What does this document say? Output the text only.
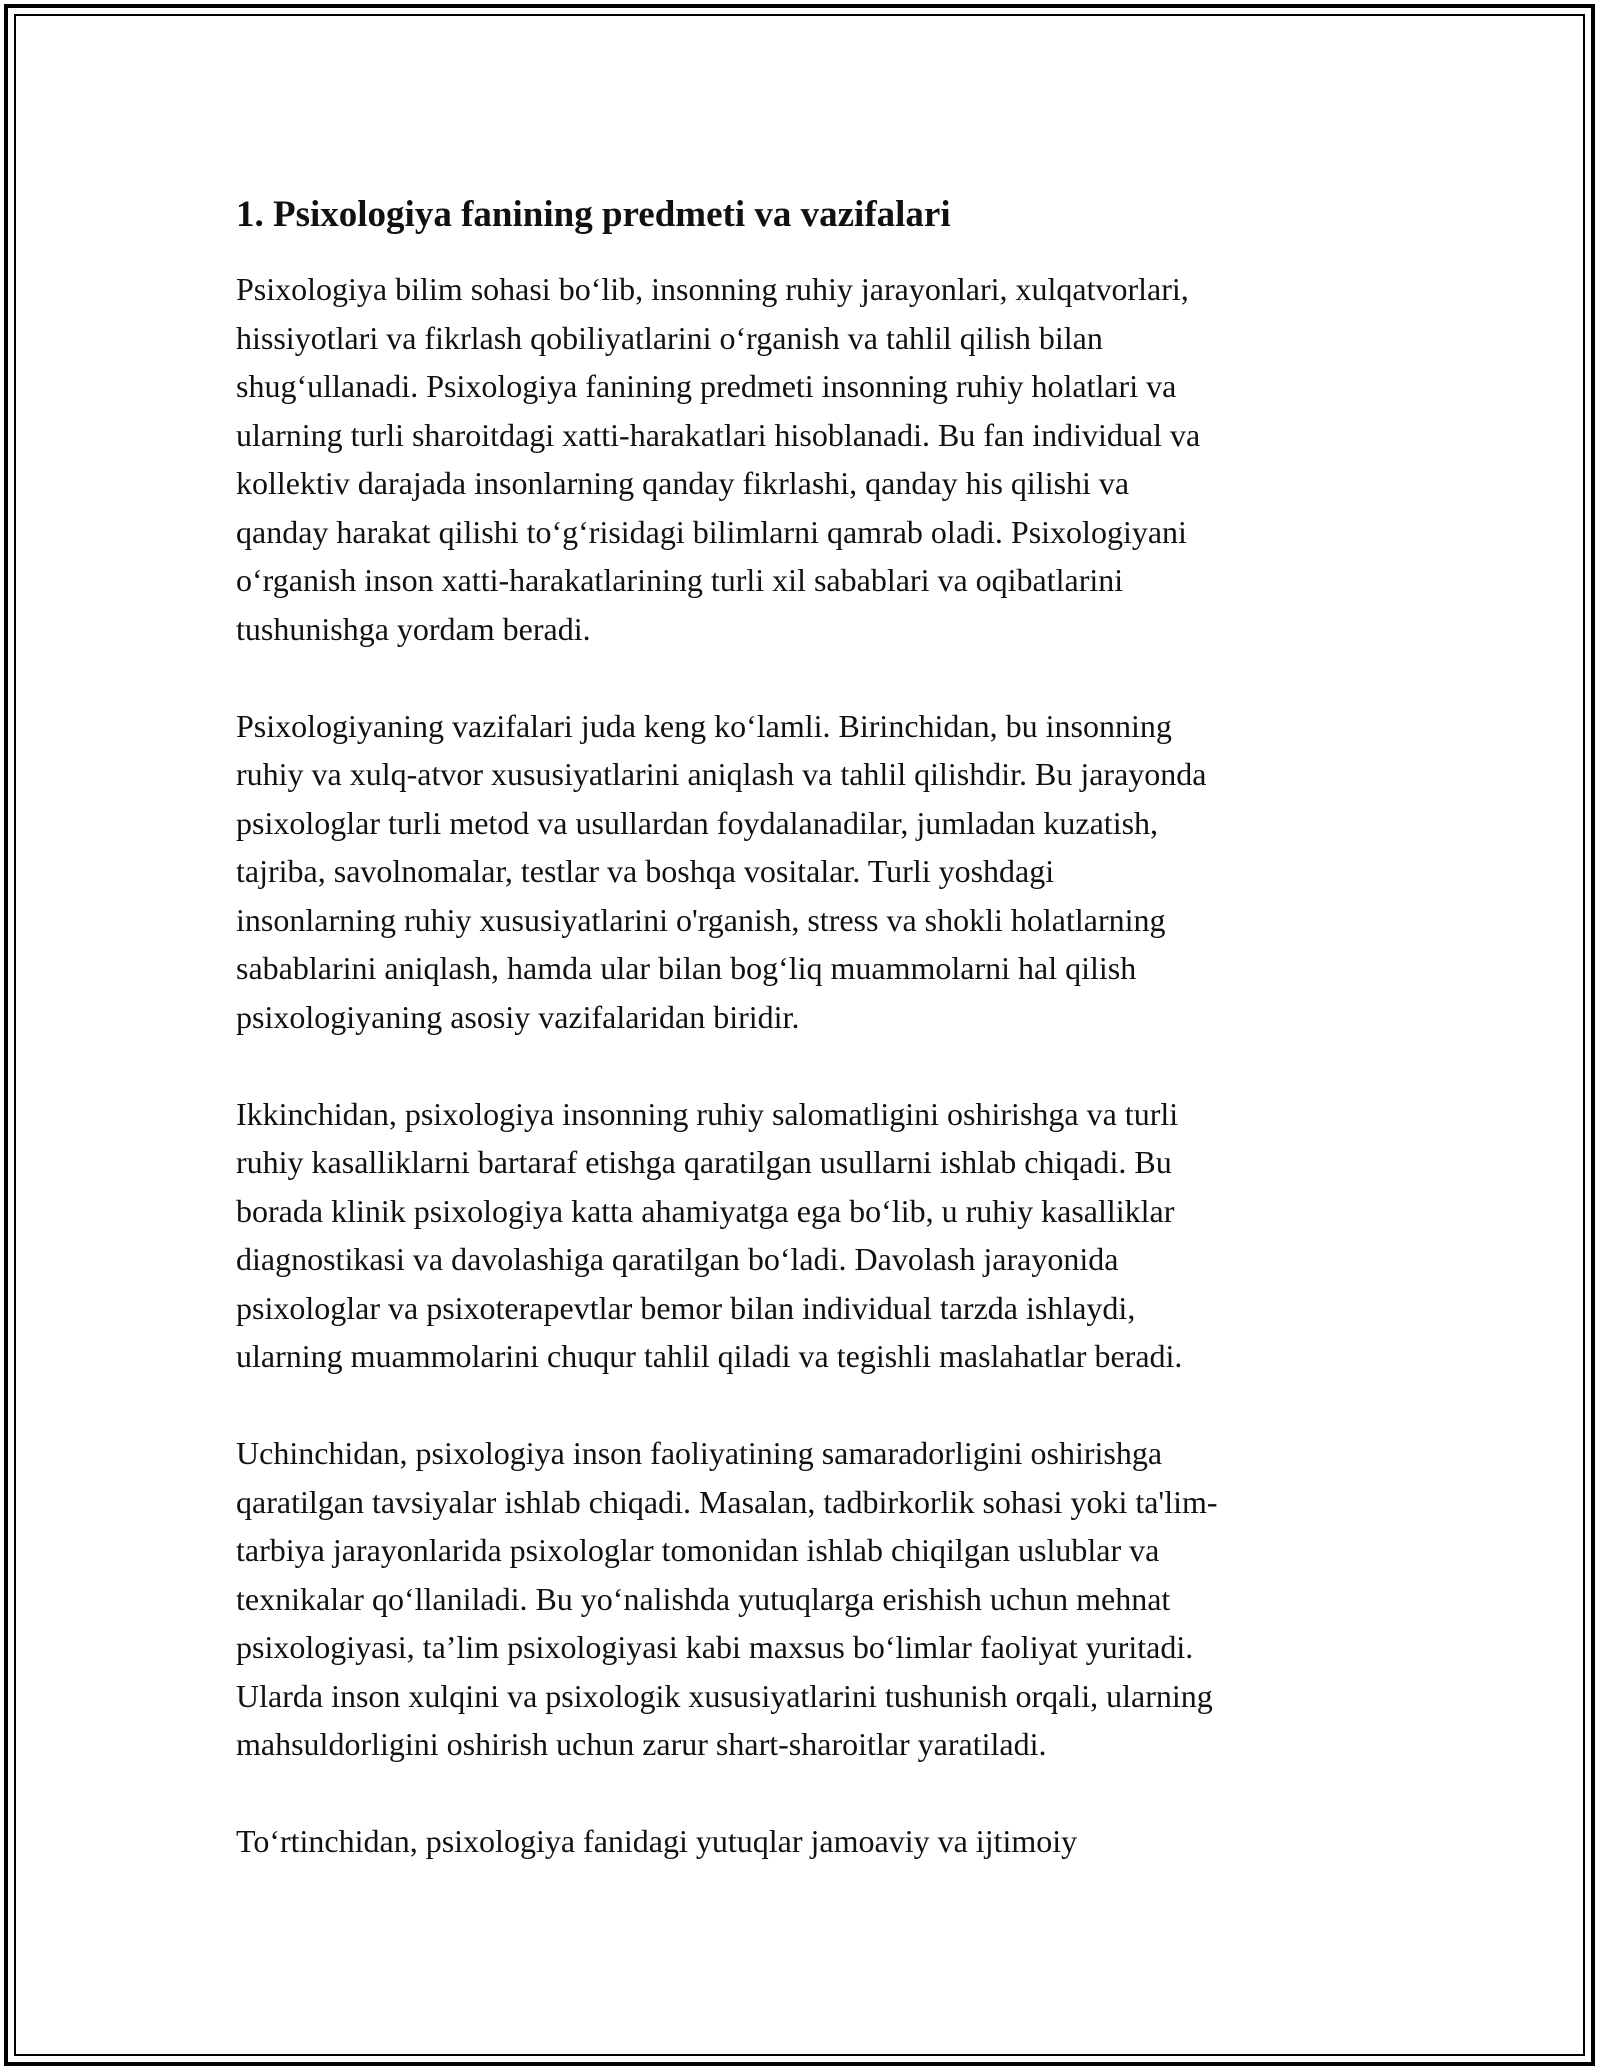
1. Psixologiya fanining predmeti va vazifalari

Psixologiya bilim sohasi bo‘lib, insonning ruhiy jarayonlari, xulqatvorlari,
hissiyotlari va fikrlash qobiliyatlarini o‘rganish va tahlil qilish bilan
shug‘ullanadi. Psixologiya fanining predmeti insonning ruhiy holatlari va
ularning turli sharoitdagi xatti-harakatlari hisoblanadi. Bu fan individual va
kollektiv darajada insonlarning qanday fikrlashi, qanday his qilishi va
qanday harakat qilishi to‘g‘risidagi bilimlarni qamrab oladi. Psixologiyani
o‘rganish inson xatti-harakatlarining turli xil sabablari va oqibatlarini
tushunishga yordam beradi.

Psixologiyaning vazifalari juda keng ko‘lamli. Birinchidan, bu insonning
ruhiy va xulq-atvor xususiyatlarini aniqlash va tahlil qilishdir. Bu jarayonda
psixologlar turli metod va usullardan foydalanadilar, jumladan kuzatish,
tajriba, savolnomalar, testlar va boshqa vositalar. Turli yoshdagi
insonlarning ruhiy xususiyatlarini o'rganish, stress va shokli holatlarning
sabablarini aniqlash, hamda ular bilan bog‘liq muammolarni hal qilish
psixologiyaning asosiy vazifalaridan biridir.

Ikkinchidan, psixologiya insonning ruhiy salomatligini oshirishga va turli
ruhiy kasalliklarni bartaraf etishga qaratilgan usullarni ishlab chiqadi. Bu
borada klinik psixologiya katta ahamiyatga ega bo‘lib, u ruhiy kasalliklar
diagnostikasi va davolashiga qaratilgan bo‘ladi. Davolash jarayonida
psixologlar va psixoterapevtlar bemor bilan individual tarzda ishlaydi,
ularning muammolarini chuqur tahlil qiladi va tegishli maslahatlar beradi.

Uchinchidan, psixologiya inson faoliyatining samaradorligini oshirishga
qaratilgan tavsiyalar ishlab chiqadi. Masalan, tadbirkorlik sohasi yoki ta'lim-
tarbiya jarayonlarida psixologlar tomonidan ishlab chiqilgan uslublar va
texnikalar qo‘llaniladi. Bu yo‘nalishda yutuqlarga erishish uchun mehnat
psixologiyasi, ta’lim psixologiyasi kabi maxsus bo‘limlar faoliyat yuritadi.
Ularda inson xulqini va psixologik xususiyatlarini tushunish orqali, ularning
mahsuldorligini oshirish uchun zarur shart-sharoitlar yaratiladi.

To‘rtinchidan, psixologiya fanidagi yutuqlar jamoaviy va ijtimoiy
